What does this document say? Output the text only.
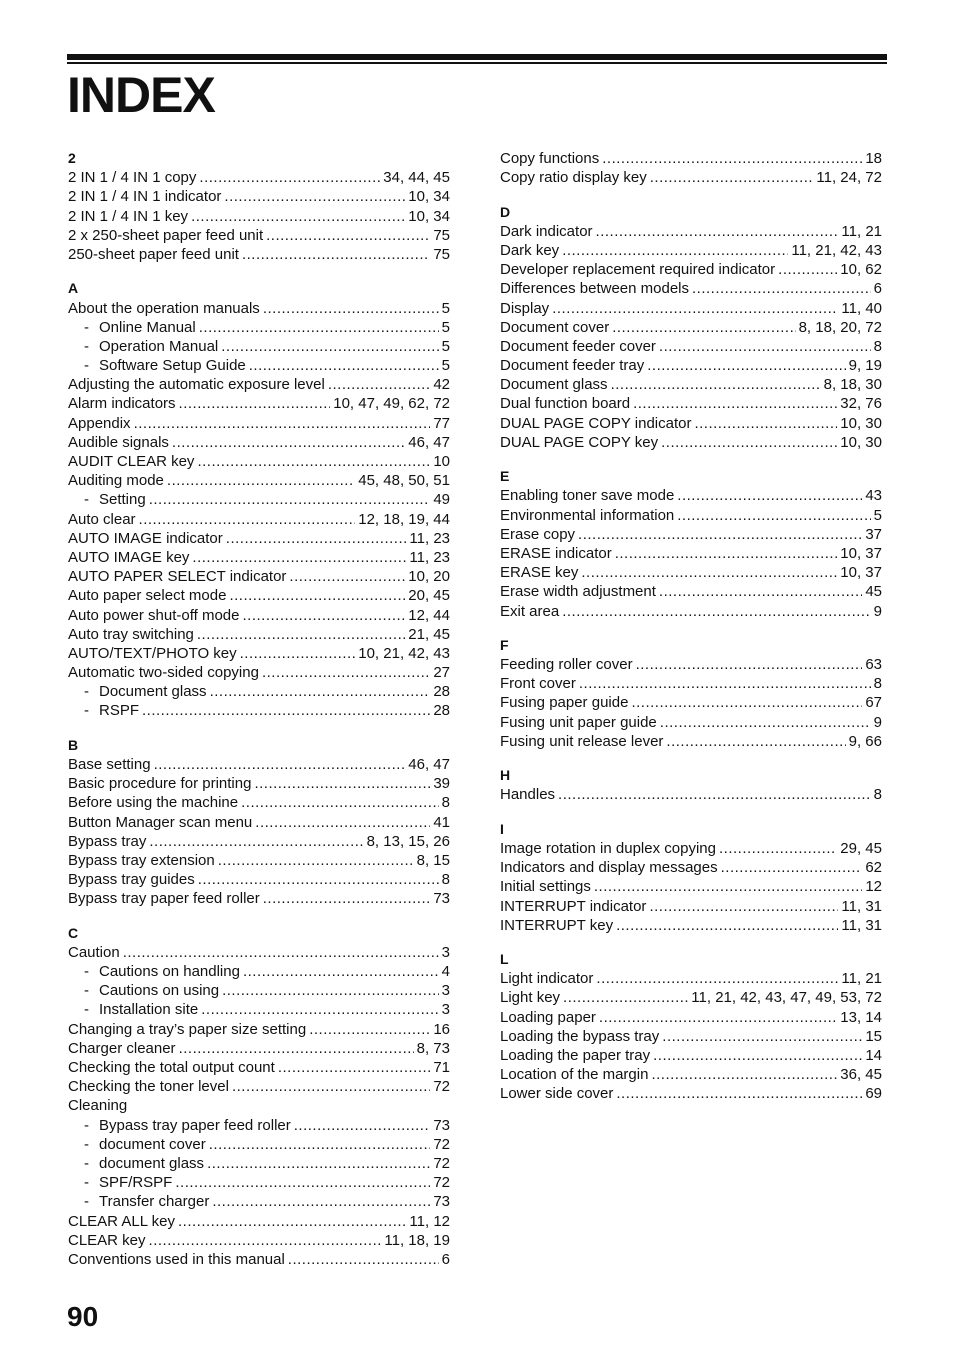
INDEX
2
2 IN 1 / 4 IN 1 copy .....	34, 44, 45
2 IN 1 / 4 IN 1 indicator .....	10, 34
2 IN 1 / 4 IN 1 key .....	10, 34
2 x 250-sheet paper feed unit .....	75
250-sheet paper feed unit .....	75
A
About the operation manuals .....	5
- Online Manual .....	5
- Operation Manual .....	5
- Software Setup Guide .....	5
Adjusting the automatic exposure level .....	42
Alarm indicators .....	10, 47, 49, 62, 72
Appendix .....	77
Audible signals .....	46, 47
AUDIT CLEAR key .....	10
Auditing mode .....	45, 48, 50, 51
- Setting .....	49
Auto clear .....	12, 18, 19, 44
AUTO IMAGE indicator .....	11, 23
AUTO IMAGE key .....	11, 23
AUTO PAPER SELECT indicator .....	10, 20
Auto paper select mode .....	20, 45
Auto power shut-off mode .....	12, 44
Auto tray switching .....	21, 45
AUTO/TEXT/PHOTO key .....	10, 21, 42, 43
Automatic two-sided copying .....	27
- Document glass .....	28
- RSPF .....	28
B
Base setting .....	46, 47
Basic procedure for printing .....	39
Before using the machine .....	8
Button Manager scan menu .....	41
Bypass tray .....	8, 13, 15, 26
Bypass tray extension .....	8, 15
Bypass tray guides .....	8
Bypass tray paper feed roller .....	73
C
Caution .....	3
- Cautions on handling .....	4
- Cautions on using .....	3
- Installation site .....	3
Changing a tray’s paper size setting .....	16
Charger cleaner .....	8, 73
Checking the total output count .....	71
Checking the toner level .....	72
Cleaning
- Bypass tray paper feed roller .....	73
- document cover .....	72
- document glass .....	72
- SPF/RSPF .....	72
- Transfer charger .....	73
CLEAR ALL key .....	11, 12
CLEAR key .....	11, 18, 19
Conventions used in this manual .....	6
Copy functions .....	18
Copy ratio display key .....	11, 24, 72
D
Dark indicator .....	11, 21
Dark key .....	11, 21, 42, 43
Developer replacement required indicator .....	10, 62
Differences between models .....	6
Display .....	11, 40
Document cover .....	8, 18, 20, 72
Document feeder cover .....	8
Document feeder tray .....	9, 19
Document glass .....	8, 18, 30
Dual function board .....	32, 76
DUAL PAGE COPY indicator .....	10, 30
DUAL PAGE COPY key .....	10, 30
E
Enabling toner save mode .....	43
Environmental information .....	5
Erase copy .....	37
ERASE indicator .....	10, 37
ERASE key .....	10, 37
Erase width adjustment .....	45
Exit area .....	9
F
Feeding roller cover .....	63
Front cover .....	8
Fusing paper guide .....	67
Fusing unit paper guide .....	9
Fusing unit release lever .....	9, 66
H
Handles .....	8
I
Image rotation in duplex copying .....	29, 45
Indicators and display messages .....	62
Initial settings .....	12
INTERRUPT indicator .....	11, 31
INTERRUPT key .....	11, 31
L
Light indicator .....	11, 21
Light key .....	11, 21, 42, 43, 47, 49, 53, 72
Loading paper .....	13, 14
Loading the bypass tray .....	15
Loading the paper tray .....	14
Location of the margin .....	36, 45
Lower side cover .....	69
90
